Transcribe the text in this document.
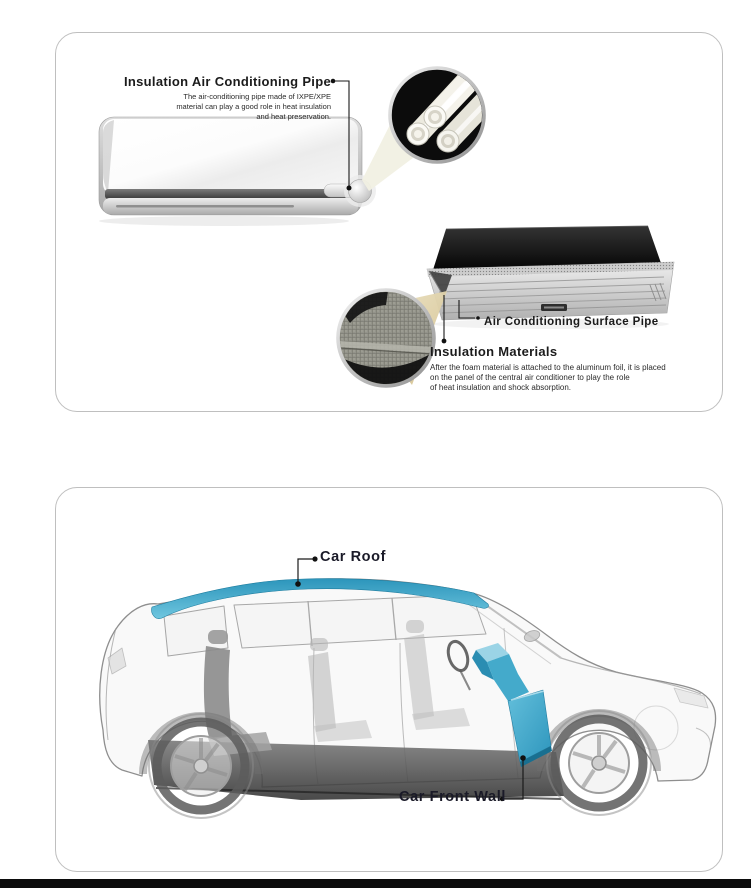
Insulation Air Conditioning Pipe
The air-conditioning pipe made of IXPE/XPE
material can play a good role in heat insulation
and heat preservation.
Air Conditioning Surface Pipe
Insulation Materials
After the foam material is attached to the aluminum foil, it is placed
on the panel of the central air conditioner to play the role
of heat insulation and shock absorption.
Car Roof
Car Front Wall
